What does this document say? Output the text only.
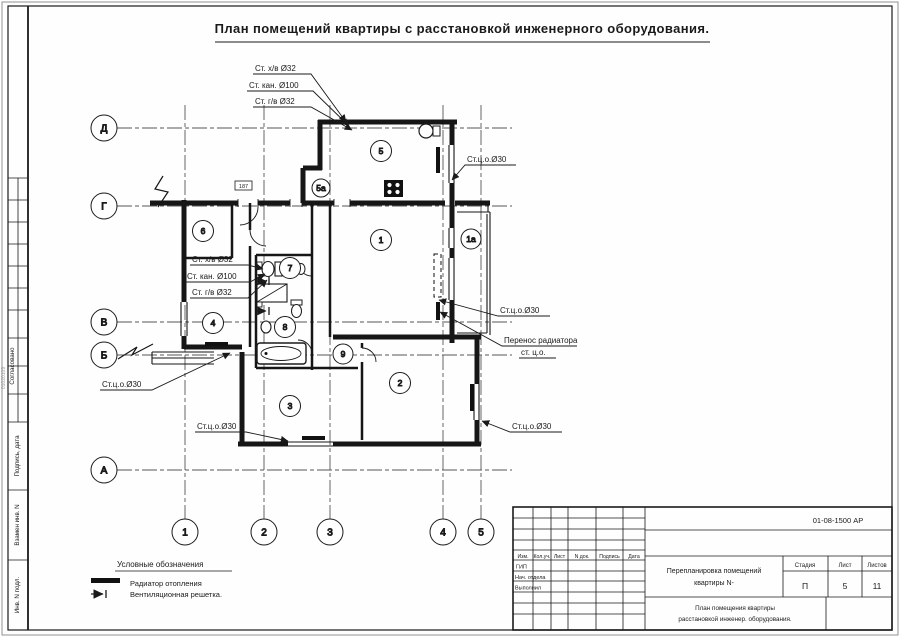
Согласовано
Подпись, дата
Взамен инв. N
Инв. N подл.
01020109
План помещений квартиры с расстановкой инженерного оборудования.
187
5
5а
6
1	1а
7
4	8
9
3
2
Д
Г
В
Б
А
1	2	3	4	5
Ст. х/в Ø32
Ст. кан. Ø100
Ст. г/в Ø32
Ст.ц.о.Ø30
Ст. х/в Ø32
Ст. кан. Ø100
Ст. г/в Ø32
Ст.ц.о.Ø30
Перенос радиатора
ст. ц.о.
Ст.ц.о.Ø30
Ст.ц.о.Ø30	Ст.ц.о.Ø30
Условные обозначения
Радиатор отопления
Вентиляционная решетка.
01-08-1500 АР
Изм. Кол.уч. Лист N док. Подпись Дата
ГИП
Нач. отдела
Выполнил
Перепланировка помещений
квартиры N-
Стадия	Лист	Листов
П	5	11
План помещения квартиры
расстановкой инженер. оборудования.
